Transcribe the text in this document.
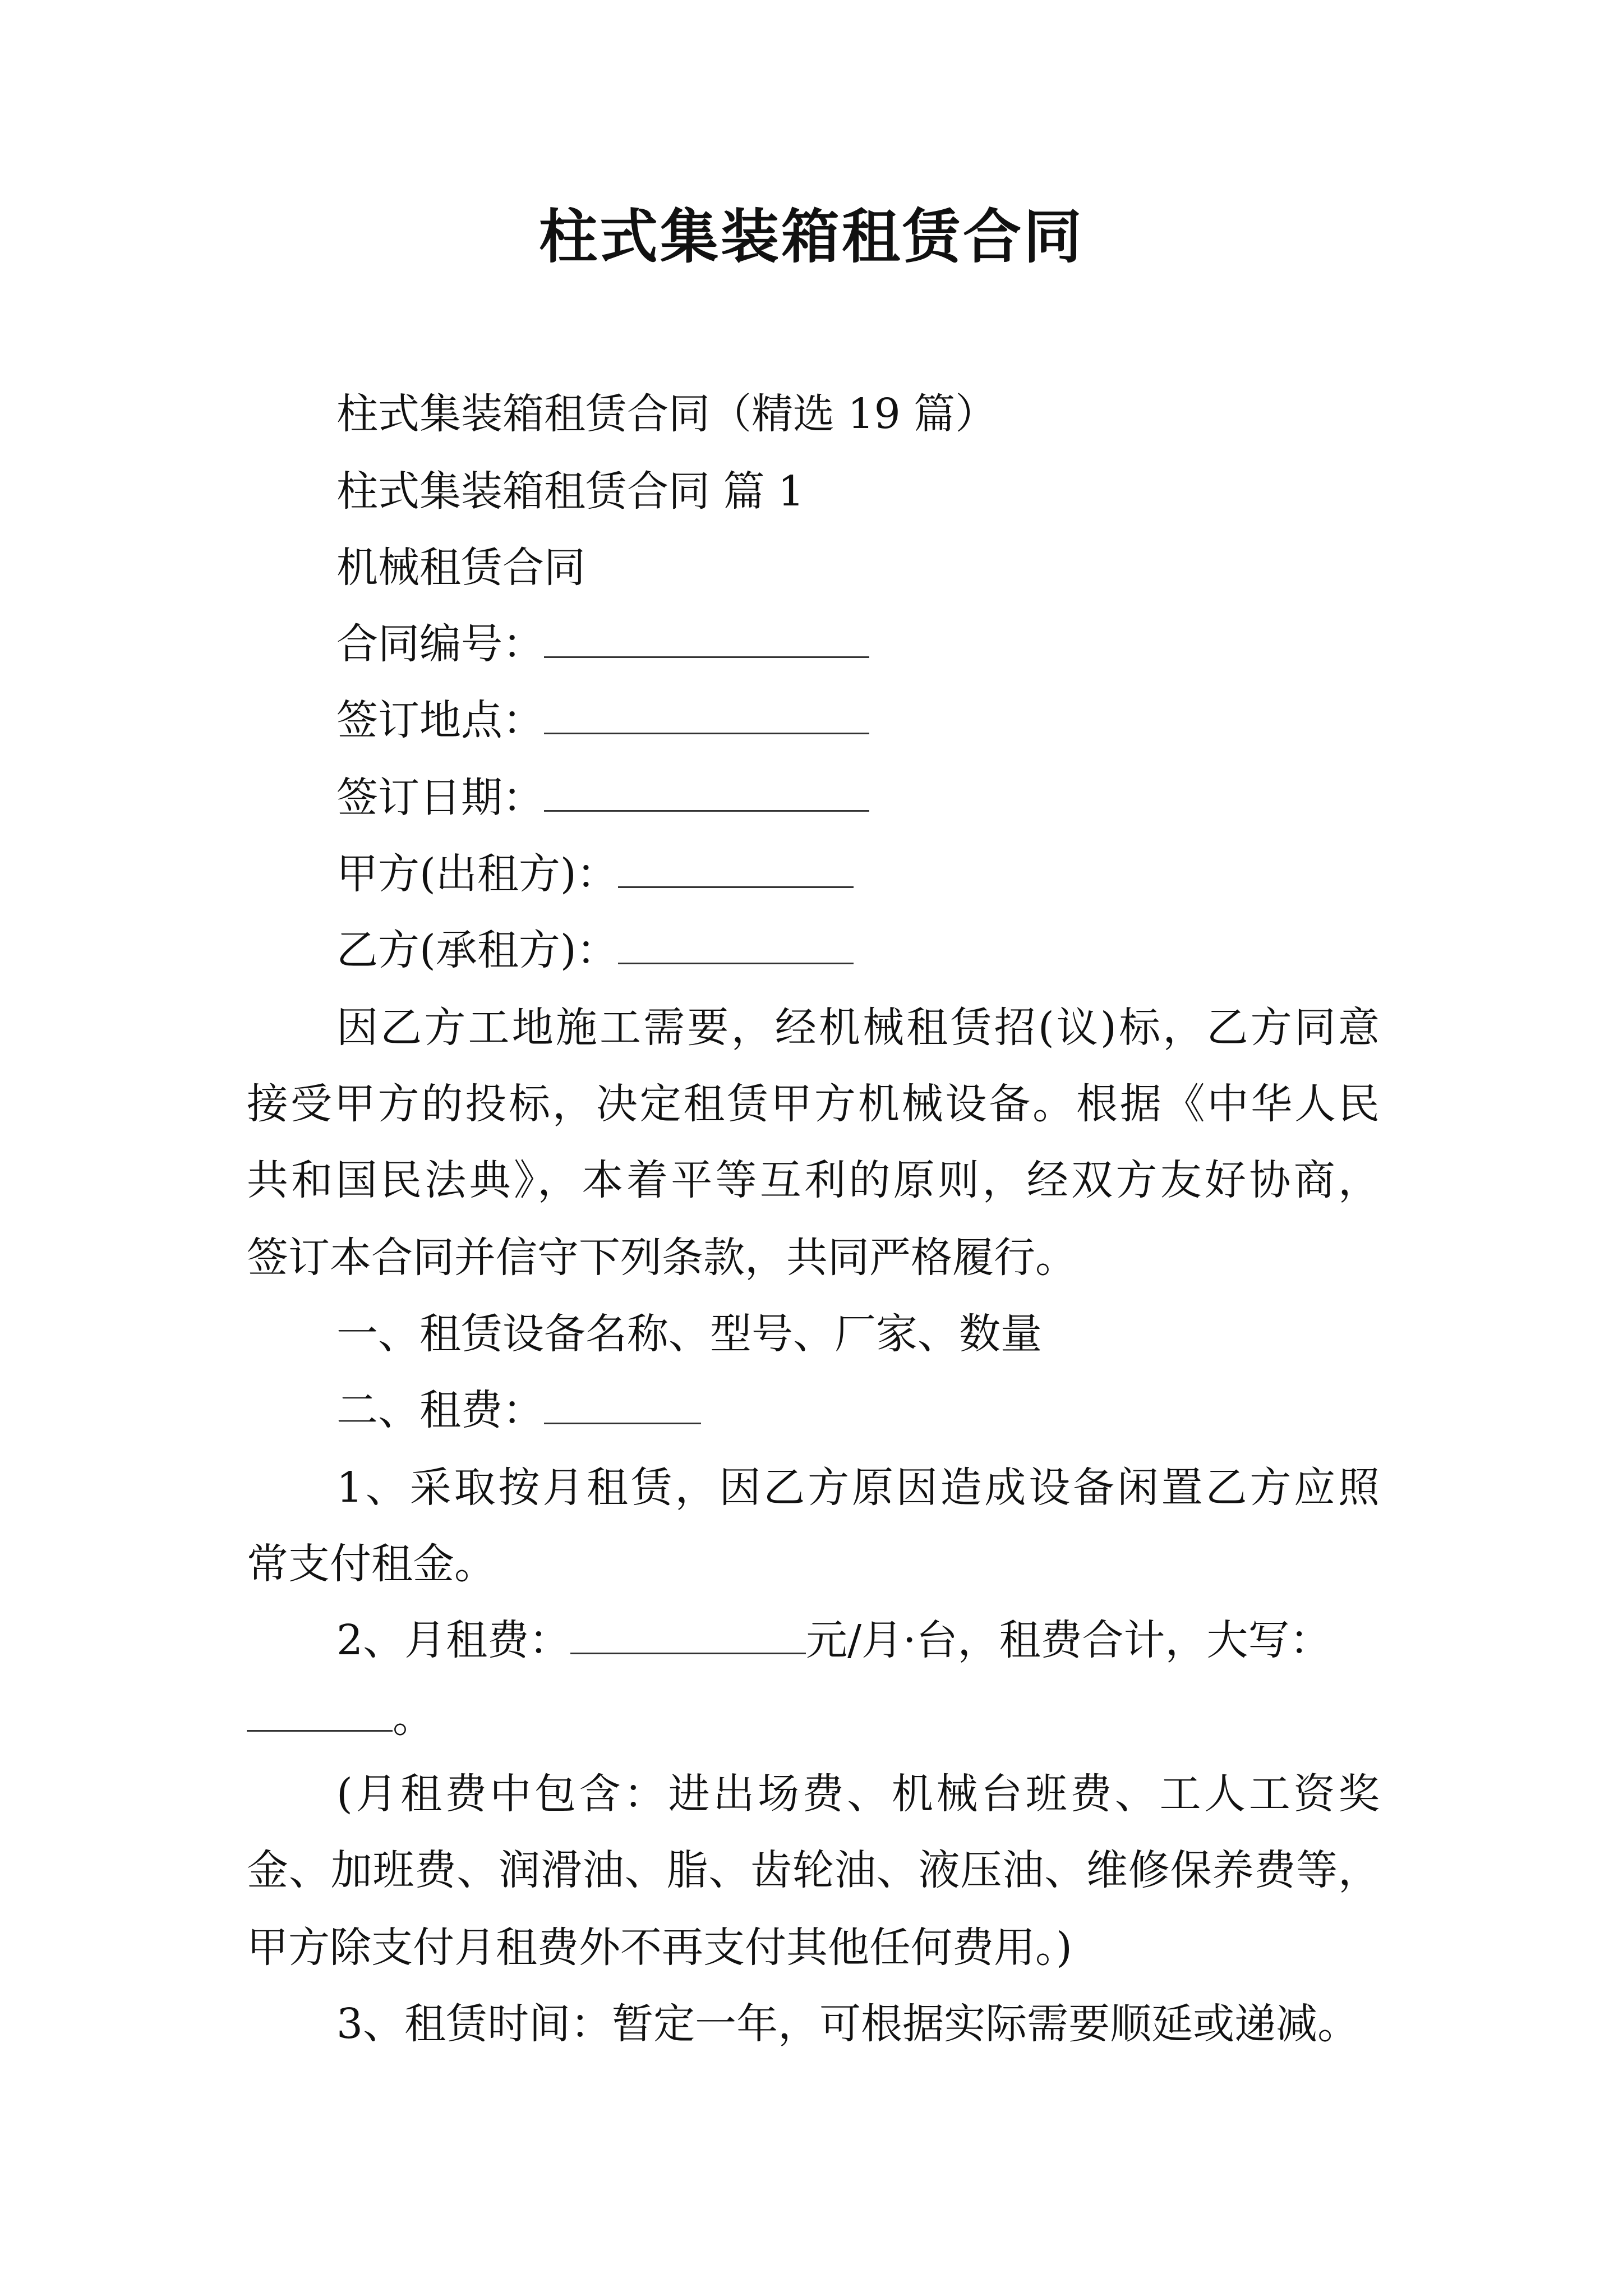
柱式集装箱租赁合同
柱式集装箱租赁合同（精选 19 篇）
柱式集装箱租赁合同 篇 1
机械租赁合同
合同编号：
签订地点：
签订日期：
甲方(出租方)：
乙方(承租方)：
因乙方工地施工需要，经机械租赁招(议)标，乙方同意
接受甲方的投标，决定租赁甲方机械设备。根据《中华人民
共和国民法典》，本着平等互利的原则，经双方友好协商，
签订本合同并信守下列条款，共同严格履行。
一、租赁设备名称、型号、厂家、数量
二、租费：
1、采取按月租赁，因乙方原因造成设备闲置乙方应照
常支付租金。
2、月租费：	元/月·台，租费合计，大写：
。
(月租费中包含：进出场费、机械台班费、工人工资奖
金、加班费、润滑油、脂、齿轮油、液压油、维修保养费等，
甲方除支付月租费外不再支付其他任何费用。)
3、租赁时间：暂定一年，可根据实际需要顺延或递减。
